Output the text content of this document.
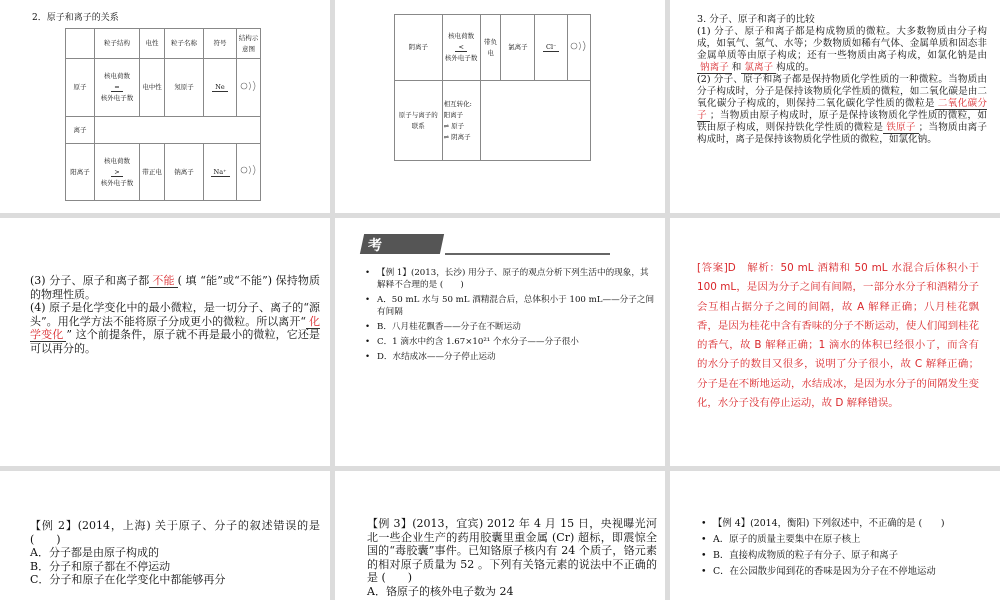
2．原子和离子的关系
	粒子结构	电性	粒子名称	符号	结构示意图
原子	核电荷数
=
核外电子数	电中性	氖原子	Ne	
离子					
阳离子	核电荷数
>
核外电子数	带正电	钠离子	Na⁺	
阴离子	核电荷数
<
核外电子数	带负电	氯离子	Cl⁻	
原子与离子的联系	相互转化:
阳离子
⇌ 原子
⇌ 阴离子				

3. 分子、原子和离子的比较
(1) 分子、原子和离子都是构成物质的微粒。大多数物质由分子构成，如氧气、氢气、水等；少数物质如稀有气体、金属单质和固态非金属单质等由原子构成；还有一些物质由离子构成，如氯化钠是由钠离子 和 氯离子 构成的。
(2) 分子、原子和离子都是保持物质化学性质的一种微粒。当物质由分子构成时，分子是保持该物质化学性质的微粒，如二氧化碳是由二氧化碳分子构成的，则保持二氧化碳化学性质的微粒是 二氧化碳分子 ；当物质由原子构成时，原子是保持该物质化学性质的微粒，如铁由原子构成，则保持铁化学性质的微粒是 铁原子 ；当物质由离子构成时，离子是保持该物质化学性质的微粒，如氯化钠。

(3) 分子、原子和离子都 不能 ( 填 “能”或“不能”) 保持物质的物理性质。

(4) 原子是化学变化中的最小微粒，是一切分子、离子的“源头”。用化学方法不能将原子分成更小的微粒。所以离开“ 化学变化 ” 这个前提条件，原子就不再是最小的微粒，它还是可以再分的。

考例精选
• 【例 1】(2013，长沙) 用分子、原子的观点分析下列生活中的现象，其解释不合理的是 (　　)
• A．50 mL 水与 50 mL 酒精混合后，总体积小于 100 mL——分子之间有间隔
• B．八月桂花飘香——分子在不断运动
• C．1 滴水中约含 1.67×10²¹ 个水分子——分子很小
• D．水结成冰——分子停止运动
[答案]D　解析：50 mL 酒精和 50 mL 水混合后体积小于 100 mL，是因为分子之间有间隔，一部分水分子和酒精分子会互相占据分子之间的间隔，故 A 解释正确；八月桂花飘香，是因为桂花中含有香味的分子不断运动，使人们闻到桂花的香气，故 B 解释正确；1 滴水的体积已经很小了，而含有的水分子的数目又很多，说明了分子很小，故 C 解释正确；分子是在不断地运动，水结成冰，是因为水分子的间隔发生变化，水分子没有停止运动，故 D 解释错误。

【例 2】(2014，上海) 关于原子、分子的叙述错误的是 (　　)

A．分子都是由原子构成的

B．分子和原子都在不停运动

C．分子和原子在化学变化中都能够再分

【例 3】(2013，宜宾) 2012 年 4 月 15 日，央视曝光河北一些企业生产的药用胶囊里重金属 (Cr) 超标，即震惊全国的“毒胶囊”事件。已知铬原子核内有 24 个质子，铬元素的相对原子质量为 52 。下列有关铬元素的说法中不正确的是 (　　)

A．铬原子的核外电子数为 24

• 【例 4】(2014，衡阳) 下列叙述中，不正确的是 (　　)
• A．原子的质量主要集中在原子核上
• B．直接构成物质的粒子有分子、原子和离子
• C．在公园散步闻到花的香味是因为分子在不停地运动
